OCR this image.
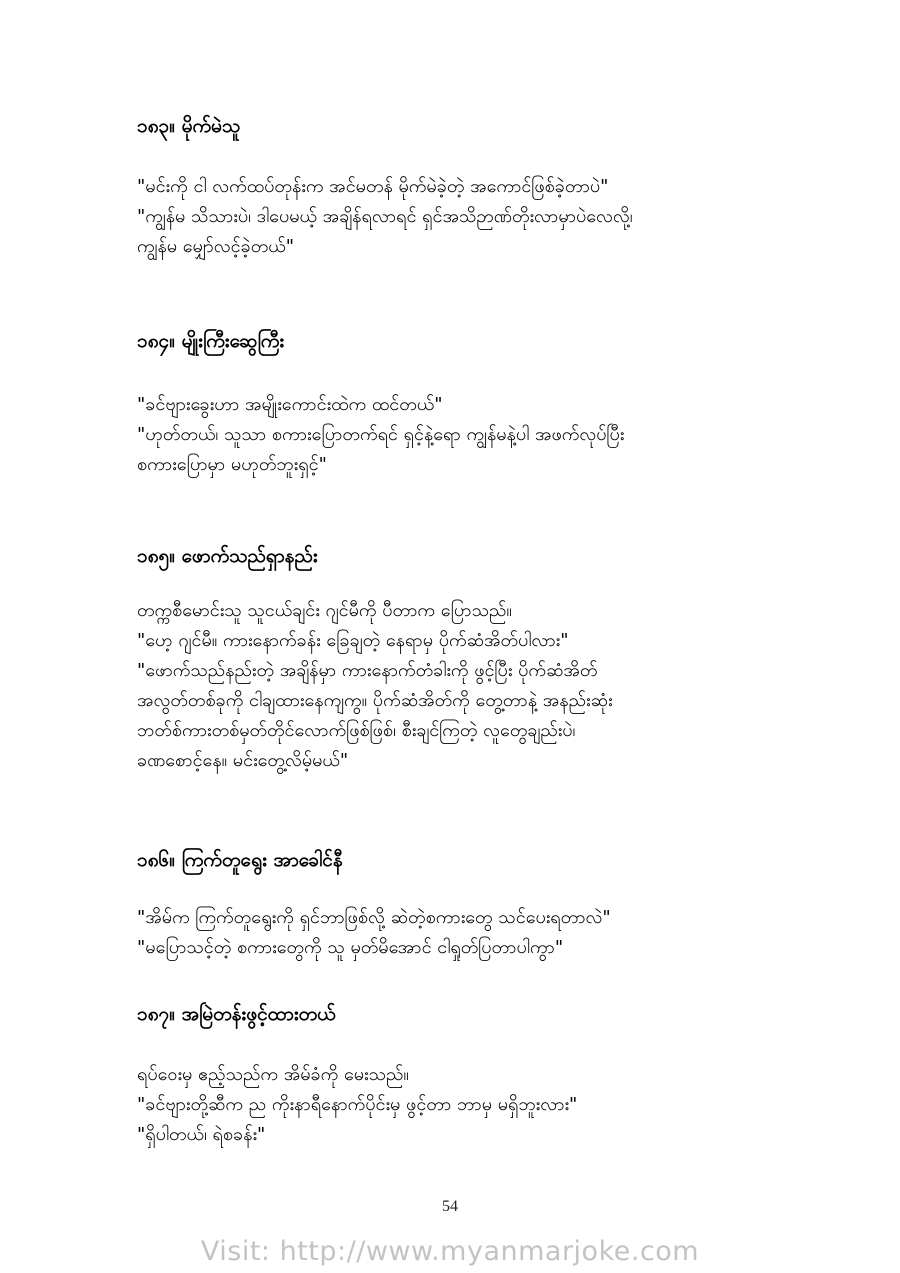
၁၈၃။ မိုက်မဲသူ
"မင်းကို ငါ လက်ထပ်တုန်းက အင်မတန် မိုက်မဲခဲ့တဲ့ အကောင်ဖြစ်ခဲ့တာပဲ"
"ကျွန်မ သိသားပဲ၊ ဒါပေမယ့် အချိန်ရလာရင် ရှင်အသိဉာဏ်တိုးလာမှာပဲလေလို့၊
ကျွန်မ မျှော်လင့်ခဲ့တယ်"
၁၈၄။ မျိုးကြီးဆွေကြီး
"ခင်ဗျားခွေးဟာ အမျိုးကောင်းထဲက ထင်တယ်"
"ဟုတ်တယ်၊ သူသာ စကားပြောတက်ရင် ရှင့်နဲ့ရော ကျွန်မနဲ့ပါ အဖက်လုပ်ပြီး
စကားပြောမှာ မဟုတ်ဘူးရှင့်"
၁၈၅။ ဖောက်သည်ရှာနည်း
တက္ကစီမောင်းသူ သူငယ်ချင်း ဂျင်မီကို ပီတာက ပြောသည်။
"ဟေ့ ဂျင်မီ။ ကားနောက်ခန်း ခြေချတဲ့ နေရာမှ ပိုက်ဆံအိတ်ပါလား"
"ဖောက်သည်နည်းတဲ့ အချိန်မှာ ကားနောက်တံခါးကို ဖွင့်ပြီး ပိုက်ဆံအိတ်
အလွတ်တစ်ခုကို ငါချထားနေကျကွ။ ပိုက်ဆံအိတ်ကို တွေ့တာနဲ့ အနည်းဆုံး
ဘတ်စ်ကားတစ်မှတ်တိုင်လောက်ဖြစ်ဖြစ်၊ စီးချင်ကြတဲ့ လူတွေချည်းပဲ၊
ခဏစောင့်နေ။ မင်းတွေ့လိမ့်မယ်"
၁၈၆။ ကြက်တူရွေး အာခေါင်နီ
"အိမ်က ကြက်တူရွေးကို ရှင်ဘာဖြစ်လို့ ဆဲတဲ့စကားတွေ သင်ပေးရတာလဲ"
"မပြောသင့်တဲ့ စကားတွေကို သူ မှတ်မိအောင် ငါရှုတ်ပြတာပါကွာ"
၁၈၇။ အမြဲတန်းဖွင့်ထားတယ်
ရပ်ဝေးမှ ဧည့်သည်က အိမ်ခံကို မေးသည်။
"ခင်ဗျားတို့ဆီက ည ကိုးနာရီနောက်ပိုင်းမှ ဖွင့်တာ ဘာမှ မရှိဘူးလား"
"ရှိပါတယ်၊ ရဲစခန်း"
54
Visit: http://www.myanmarjoke.com
